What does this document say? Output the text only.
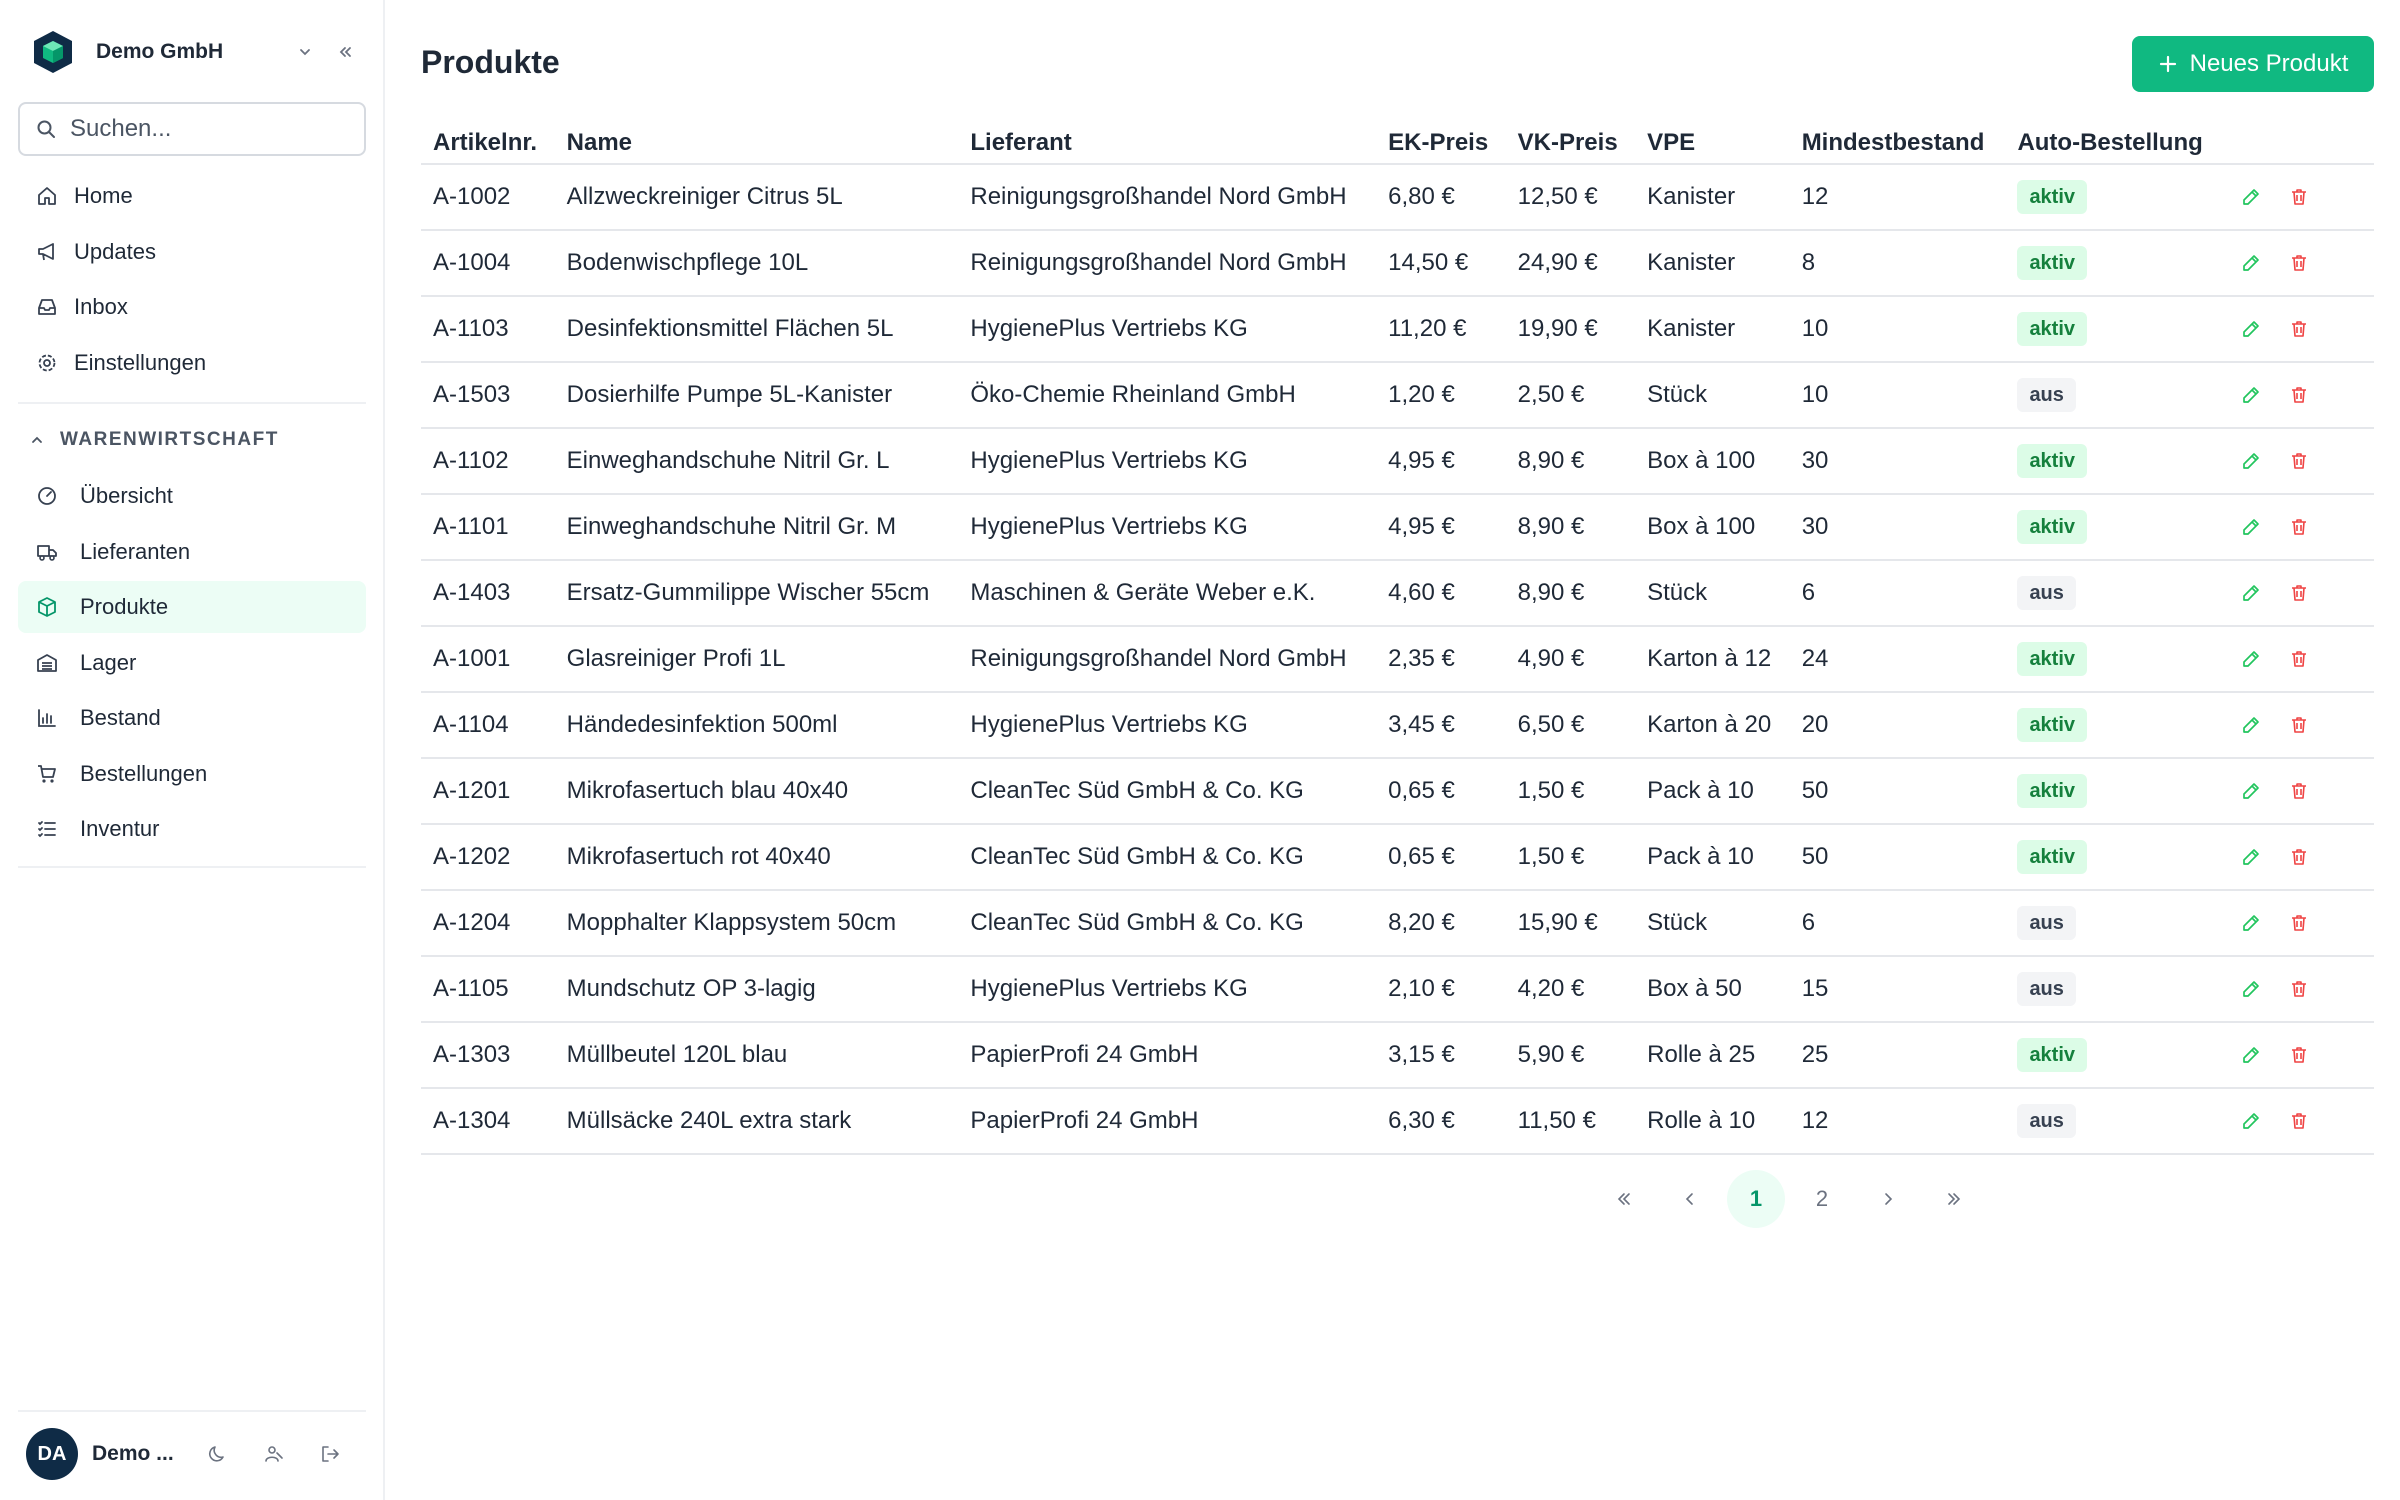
Demo GmbH
Suchen...
Home
Updates
Inbox
Einstellungen
WARENWIRTSCHAFT
Übersicht
Lieferanten
Produkte
Lager
Bestand
Bestellungen
Inventur
DA	Demo ...
Produkte	Neues Produkt
Artikelnr.	Name	Lieferant	EK-Preis	VK-Preis	VPE	Mindestbestand	Auto-Bestellung	
A-1002	Allzweckreiniger Citrus 5L	Reinigungsgroßhandel Nord GmbH	6,80 €	12,50 €	Kanister	12	aktiv	

A-1004	Bodenwischpflege 10L	Reinigungsgroßhandel Nord GmbH	14,50 €	24,90 €	Kanister	8	aktiv	

A-1103	Desinfektionsmittel Flächen 5L	HygienePlus Vertriebs KG	11,20 €	19,90 €	Kanister	10	aktiv	

A-1503	Dosierhilfe Pumpe 5L-Kanister	Öko-Chemie Rheinland GmbH	1,20 €	2,50 €	Stück	10	aus	

A-1102	Einweghandschuhe Nitril Gr. L	HygienePlus Vertriebs KG	4,95 €	8,90 €	Box à 100	30	aktiv	

A-1101	Einweghandschuhe Nitril Gr. M	HygienePlus Vertriebs KG	4,95 €	8,90 €	Box à 100	30	aktiv	

A-1403	Ersatz-Gummilippe Wischer 55cm	Maschinen & Geräte Weber e.K.	4,60 €	8,90 €	Stück	6	aus	

A-1001	Glasreiniger Profi 1L	Reinigungsgroßhandel Nord GmbH	2,35 €	4,90 €	Karton à 12	24	aktiv	

A-1104	Händedesinfektion 500ml	HygienePlus Vertriebs KG	3,45 €	6,50 €	Karton à 20	20	aktiv	

A-1201	Mikrofasertuch blau 40x40	CleanTec Süd GmbH & Co. KG	0,65 €	1,50 €	Pack à 10	50	aktiv	

A-1202	Mikrofasertuch rot 40x40	CleanTec Süd GmbH & Co. KG	0,65 €	1,50 €	Pack à 10	50	aktiv	

A-1204	Mopphalter Klappsystem 50cm	CleanTec Süd GmbH & Co. KG	8,20 €	15,90 €	Stück	6	aus	

A-1105	Mundschutz OP 3-lagig	HygienePlus Vertriebs KG	2,10 €	4,20 €	Box à 50	15	aus	

A-1303	Müllbeutel 120L blau	PapierProfi 24 GmbH	3,15 €	5,90 €	Rolle à 25	25	aktiv	

A-1304	Müllsäcke 240L extra stark	PapierProfi 24 GmbH	6,30 €	11,50 €	Rolle à 10	12	aus	
1	2
